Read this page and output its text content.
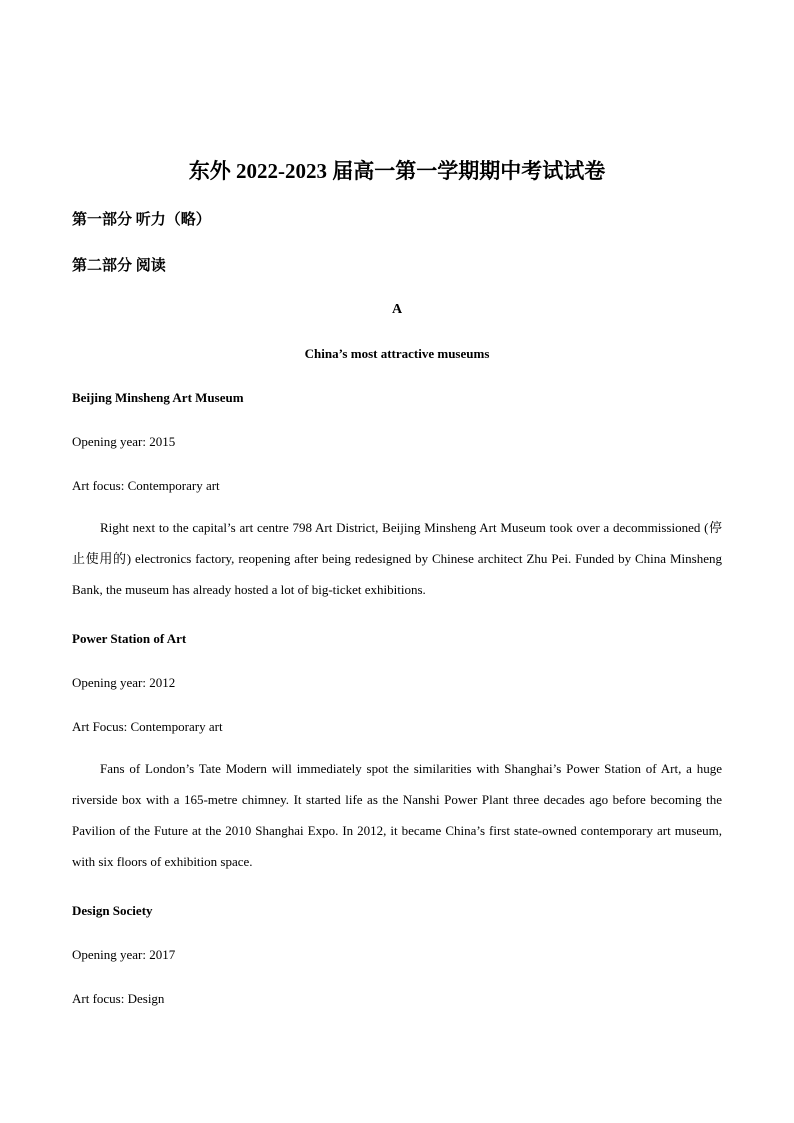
东外 2022-2023 届高一第一学期期中考试试卷

第一部分 听力（略）

第二部分 阅读

A

China’s most attractive museums

Beijing Minsheng Art Museum

Opening year: 2015

Art focus: Contemporary art

Right next to the capital’s art centre 798 Art District, Beijing Minsheng Art Museum took over a decommissioned (停止使用的) electronics factory, reopening after being redesigned by Chinese architect Zhu Pei. Funded by China Minsheng Bank, the museum has already hosted a lot of big-ticket exhibitions.

Power Station of Art

Opening year: 2012

Art Focus: Contemporary art

Fans of London’s Tate Modern will immediately spot the similarities with Shanghai’s Power Station of Art, a huge riverside box with a 165-metre chimney. It started life as the Nanshi Power Plant three decades ago before becoming the Pavilion of the Future at the 2010 Shanghai Expo. In 2012, it became China’s first state-owned contemporary art museum, with six floors of exhibition space.

Design Society

Opening year: 2017

Art focus: Design
